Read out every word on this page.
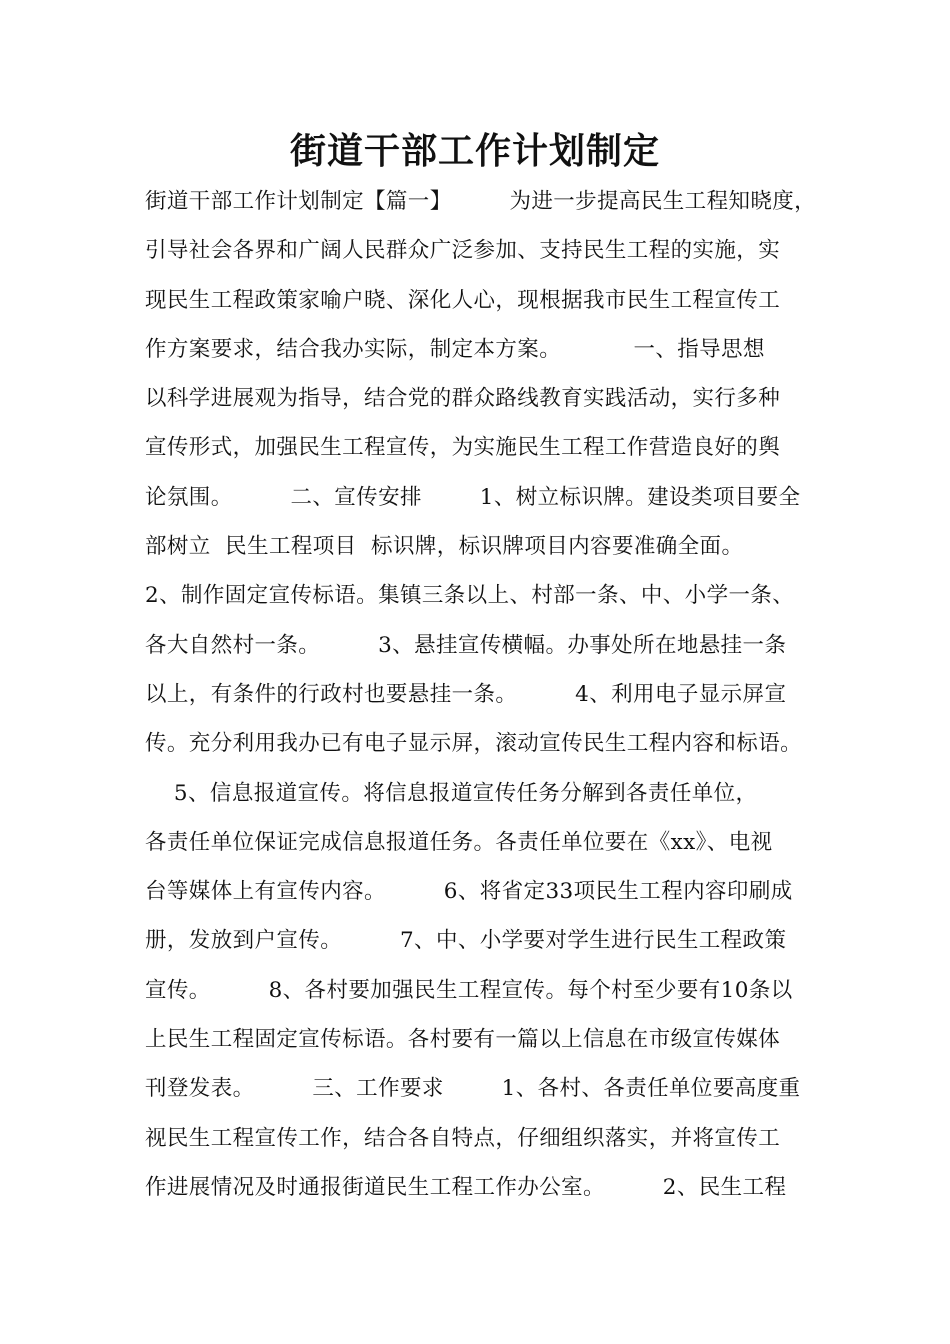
街道干部工作计划制定
街道干部工作计划制定【篇一】        为进一步提高民生工程知晓度，
引导社会各界和广阔人民群众广泛参加、支持民生工程的实施，实
现民生工程政策家喻户晓、深化人心，现根据我市民生工程宣传工
作方案要求，结合我办实际，制定本方案。          一、指导思想
以科学进展观为指导，结合党的群众路线教育实践活动，实行多种
宣传形式，加强民生工程宣传，为实施民生工程工作营造良好的舆
论氛围。        二、宣传安排        1、树立标识牌。建设类项目要全
部树立  民生工程项目  标识牌，标识牌项目内容要准确全面。
2、制作固定宣传标语。集镇三条以上、村部一条、中、小学一条、
各大自然村一条。        3、悬挂宣传横幅。办事处所在地悬挂一条
以上，有条件的行政村也要悬挂一条。        4、利用电子显示屏宣
传。充分利用我办已有电子显示屏，滚动宣传民生工程内容和标语。
5、信息报道宣传。将信息报道宣传任务分解到各责任单位，
各责任单位保证完成信息报道任务。各责任单位要在《xx》、电视
台等媒体上有宣传内容。        6、将省定33项民生工程内容印刷成
册，发放到户宣传。        7、中、小学要对学生进行民生工程政策
宣传。        8、各村要加强民生工程宣传。每个村至少要有10条以
上民生工程固定宣传标语。各村要有一篇以上信息在市级宣传媒体
刊登发表。        三、工作要求        1、各村、各责任单位要高度重
视民生工程宣传工作，结合各自特点，仔细组织落实，并将宣传工
作进展情况及时通报街道民生工程工作办公室。        2、民生工程
